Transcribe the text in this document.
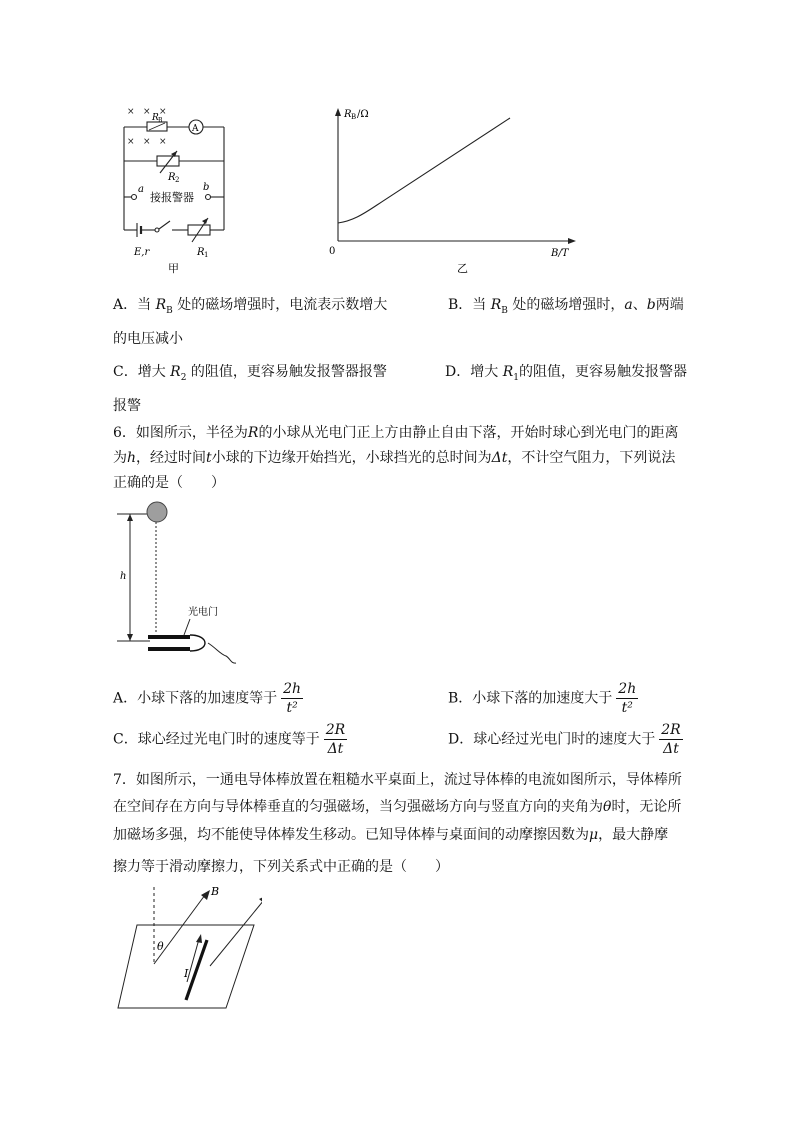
× × ×
× × ×
A
R B
R 2
a	b
接报警器
E,r	R 1
甲
R B /Ω
B/T
0
乙
A．当 $R_B$ 处的磁场增强时，电流表示数增大	B．当 $R_B$ 处的磁场增强时，a、b两端
的电压减小
C．增大 $R_2$ 的阻值，更容易触发报警器报警	D．增大 $R_1$的阻值，更容易触发报警器
报警
6．如图所示，半径为R的小球从光电门正上方由静止自由下落，开始时球心到光电门的距离
为h，经过时间t小球的下边缘开始挡光，小球挡光的总时间为Δt，不计空气阻力，下列说法
正确的是（　　）
h
光电门
A．小球下落的加速度等于 $\frac{2h}{\text{t²}}$	B．小球下落的加速度大于 $\frac{2h}{\text{t²}}$
C．球心经过光电门时的速度等于 $\frac{2R}{\Delta t}$	D．球心经过光电门时的速度大于 $\frac{2R}{\Delta t}$
7．如图所示，一通电导体棒放置在粗糙水平桌面上，流过导体棒的电流如图所示，导体棒所
在空间存在方向与导体棒垂直的匀强磁场，当匀强磁场方向与竖直方向的夹角为θ时，无论所
加磁场多强，均不能使导体棒发生移动。已知导体棒与桌面间的动摩擦因数为μ，最大静摩
擦力等于滑动摩擦力，下列关系式中正确的是（　　）
B
θ
I
